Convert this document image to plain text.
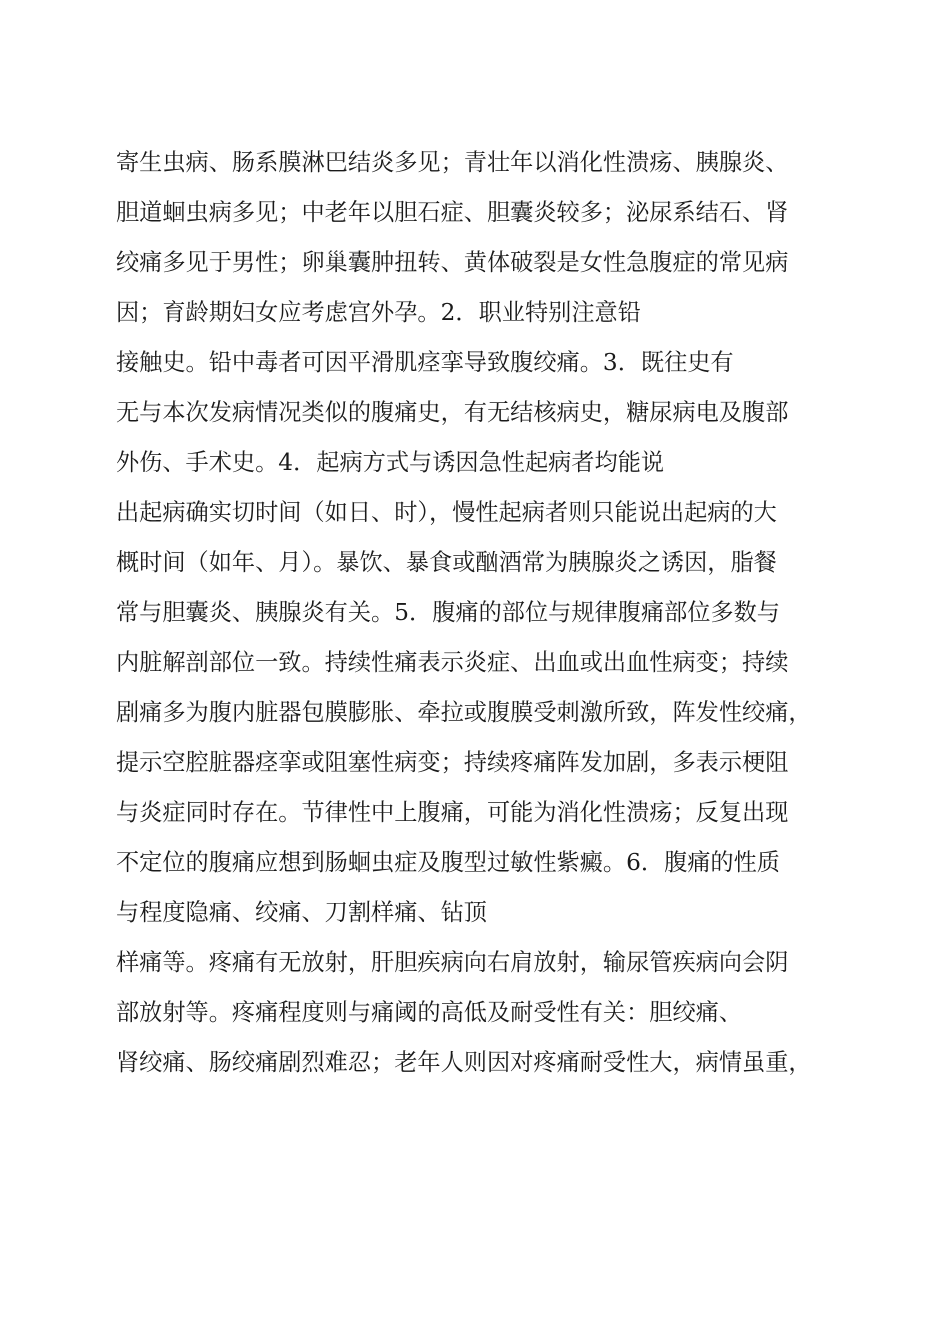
寄生虫病、肠系膜淋巴结炎多见；青壮年以消化性溃疡、胰腺炎、
胆道蛔虫病多见；中老年以胆石症、胆囊炎较多；泌尿系结石、肾
绞痛多见于男性；卵巢囊肿扭转、黄体破裂是女性急腹症的常见病
因；育龄期妇女应考虑宫外孕。2．职业特别注意铅
接触史。铅中毒者可因平滑肌痉挛导致腹绞痛。3．既往史有
无与本次发病情况类似的腹痛史，有无结核病史，糖尿病电及腹部
外伤、手术史。4．起病方式与诱因急性起病者均能说
出起病确实切时间（如日、时），慢性起病者则只能说出起病的大
概时间（如年、月）。暴饮、暴食或酗酒常为胰腺炎之诱因，脂餐
常与胆囊炎、胰腺炎有关。5．腹痛的部位与规律腹痛部位多数与
内脏解剖部位一致。持续性痛表示炎症、出血或出血性病变；持续
剧痛多为腹内脏器包膜膨胀、牵拉或腹膜受刺激所致，阵发性绞痛，
提示空腔脏器痉挛或阻塞性病变；持续疼痛阵发加剧，多表示梗阻
与炎症同时存在。节律性中上腹痛，可能为消化性溃疡；反复出现
不定位的腹痛应想到肠蛔虫症及腹型过敏性紫癜。6．腹痛的性质
与程度隐痛、绞痛、刀割样痛、钻顶
样痛等。疼痛有无放射，肝胆疾病向右肩放射，输尿管疾病向会阴
部放射等。疼痛程度则与痛阈的高低及耐受性有关：胆绞痛、
肾绞痛、肠绞痛剧烈难忍；老年人则因对疼痛耐受性大，病情虽重，
